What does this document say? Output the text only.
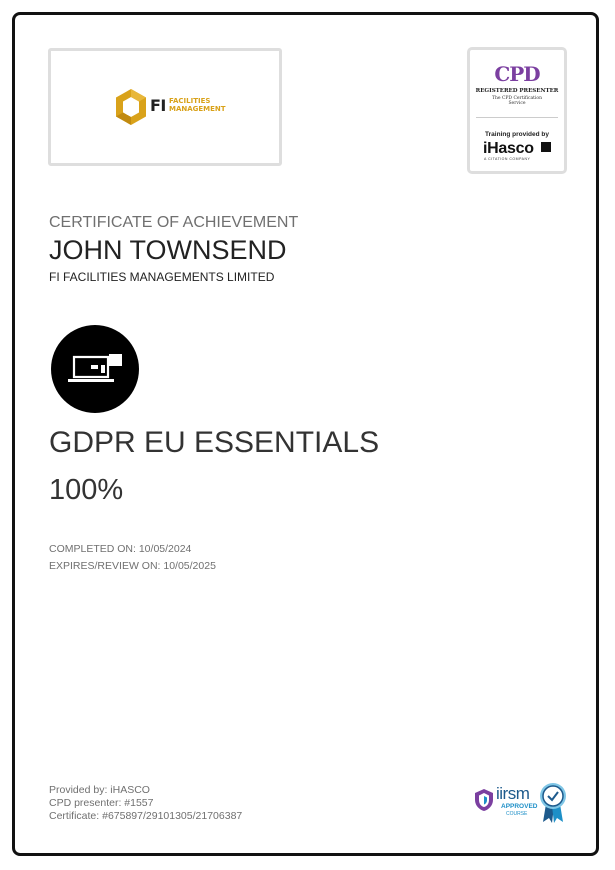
FI FACILITIES
MANAGEMENT
CPD
REGISTERED PRESENTER
The CPD Certification
Service
Training provided by
iHasco
A CITATION COMPANY
CERTIFICATE OF ACHIEVEMENT
JOHN TOWNSEND
FI FACILITIES MANAGEMENTS LIMITED
GDPR EU ESSENTIALS
100%
COMPLETED ON: 10/05/2024
EXPIRES/REVIEW ON: 10/05/2025
Provided by: iHASCO
CPD presenter: #1557
Certificate: #675897/29101305/21706387
iirsm
APPROVED
COURSE
